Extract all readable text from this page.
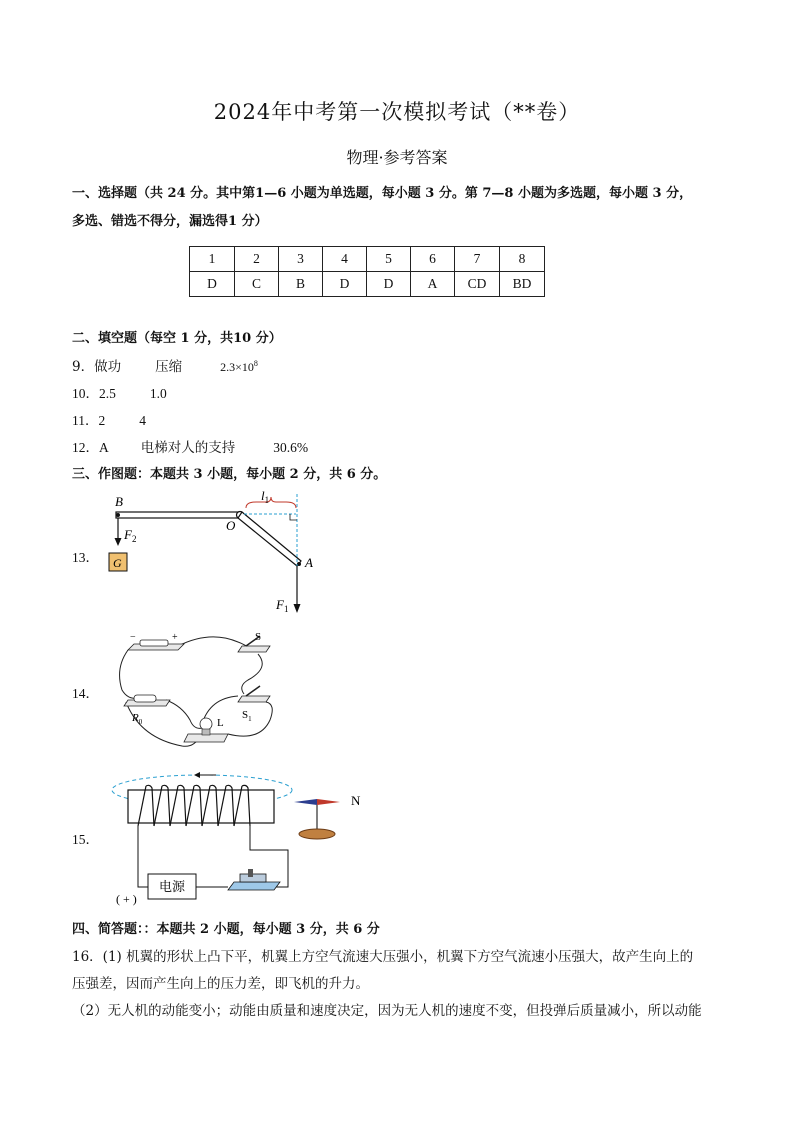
2024年中考第一次模拟考试（**卷）
物理·参考答案
一、选择题（共 24 分。其中第1—6 小题为单选题，每小题 3 分。第 7—8 小题为多选题，每小题 3 分，
多选、错选不得分，漏选得1 分）
1	2	3	4	5	6	7	8
D	C	B	D	D	A	CD	BD
二、填空题（每空 1 分，共10 分）
9．做功	压缩	$2.3\times 10^8$
10．2.5	1.0
11．2	4
12．A 电梯对人的支持	30.6%
三、作图题：本题共 3 小题，每小题 2 分，共 6 分。
13．
B
O
A
$F_2$
$F_1$
$l_1$
G
14．
−	+	S
$S_1$
$R_0$	L
15．
电源
( + )
N
四、简答题：：本题共 2 小题，每小题 3 分，共 6 分
16．(1) 机翼的形状上凸下平，机翼上方空气流速大压强小，机翼下方空气流速小压强大，故产生向上的
压强差，因而产生向上的压力差，即飞机的升力。
（2）无人机的动能变小；动能由质量和速度决定，因为无人机的速度不变，但投弹后质量减小，所以动能
